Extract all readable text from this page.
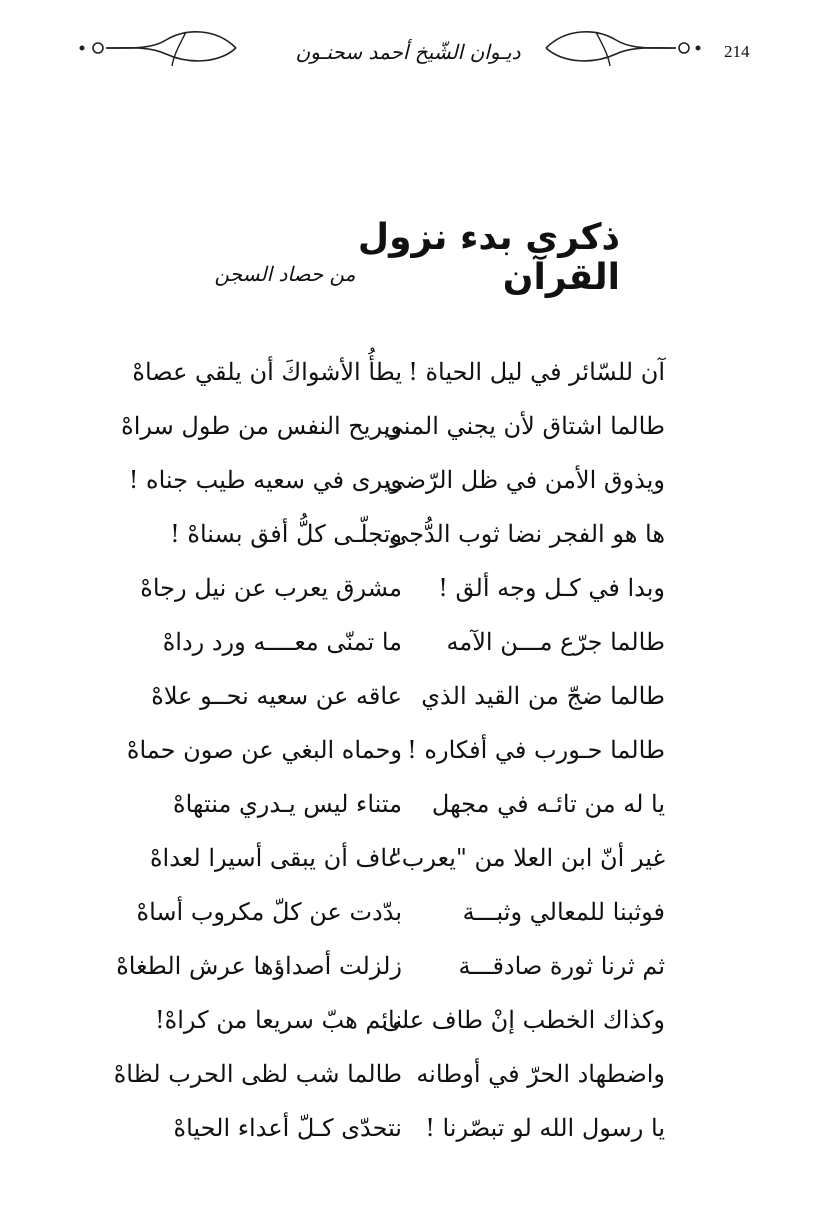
214
ديـوان الشّيخ أحمد سحنـون
ذكرى بدء نزول القرآن
من حصاد السجن
آن للسّائر في ليل الحياة !
يطأُ الأشواكَ أن يلقي عصاهْ
طالما اشتاق لأن يجني المنى
ويريح النفس من طول سراهْ
ويذوق الأمن في ظل الرّضى
ويرى في سعيه طيب جناه !
ها هو الفجر نضا ثوب الدُّجى
وتجلّـى كلُّ أفق بسناهْ !
وبدا في كـل وجه ألق !
مشرق يعرب عن نيل رجاهْ
طالما جرّع مـــن الآمه
ما تمنّى معــــه ورد رداهْ
طالما ضجّ من القيد الذي
عاقه عن سعيه نحــو علاهْ
طالما حـورب في أفكاره !
وحماه البغي عن صون حماهْ
يا له من تائـه في مجهل
متناء ليس يـدري منتهاهْ
غير أنّ ابن العلا من "يعرب"
عاف أن يبقى أسيرا لعداهْ
فوثبنا للمعالي وثبـــة
بدّدت عن كلّ مكروب أساهْ
ثم ثرنا ثورة صادقـــة
زلزلت أصداؤها عرش الطغاهْ
وكذاك الخطب إنْ طاف على
نائم هبّ سريعا من كراهْ!
واضطهاد الحرّ في أوطانه
طالما شب لظى الحرب لظاهْ
يا رسول الله لو تبصّرنا !
نتحدّى كـلّ أعداء الحياهْ
